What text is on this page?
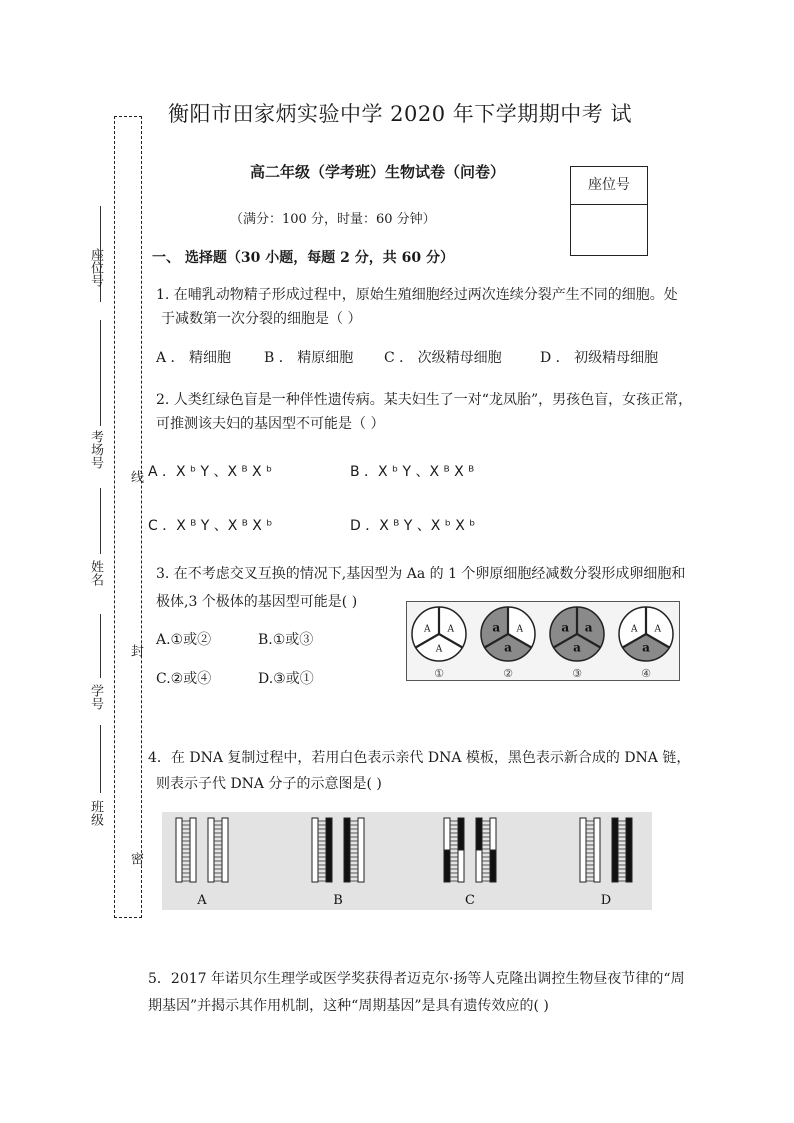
座位号
考场号
姓名
学号
班级
线
封
密
衡阳市田家炳实验中学 2020 年下学期期中考 试
高二年级（学考班）生物试卷（问卷）
（满分：100 分，时量：60 分钟）
座位号
一、 选择题（30 小题，每题 2 分，共 60 分）
1. 在哺乳动物精子形成过程中，原始生殖细胞经过两次连续分裂产生不同的细胞。处
于减数第一次分裂的细胞是（ ）
A ． 精细胞 B ． 精原细胞 C ． 次级精母细胞	D ． 初级精母细胞
2. 人类红绿色盲是一种伴性遗传病。某夫妇生了一对“龙凤胎”，男孩色盲，女孩正常，
可推测该夫妇的基因型不可能是（ ）
A ．X ᵇ Y 、X ᴮ X ᵇ	B ．X ᵇ Y 、X ᴮ X ᴮ
C ．X ᴮ Y 、X ᴮ X ᵇ	D ．X ᴮ Y 、X ᵇ X ᵇ
3. 在不考虑交叉互换的情况下,基因型为 Aa 的 1 个卵原细胞经减数分裂形成卵细胞和
极体,3 个极体的基因型可能是( )
A.①或②	B.①或③
C.②或④	D.③或①
A
A
A
①
A
a
a
②
a
a
a
③
A
a
A
④
4．在 DNA 复制过程中，若用白色表示亲代 DNA 模板，黑色表示新合成的 DNA 链，
则表示子代 DNA 分子的示意图是( )
A	B	C	D
5．2017 年诺贝尔生理学或医学奖获得者迈克尔·扬等人克隆出调控生物昼夜节律的“周
期基因”并揭示其作用机制，这种“周期基因”是具有遗传效应的( )
